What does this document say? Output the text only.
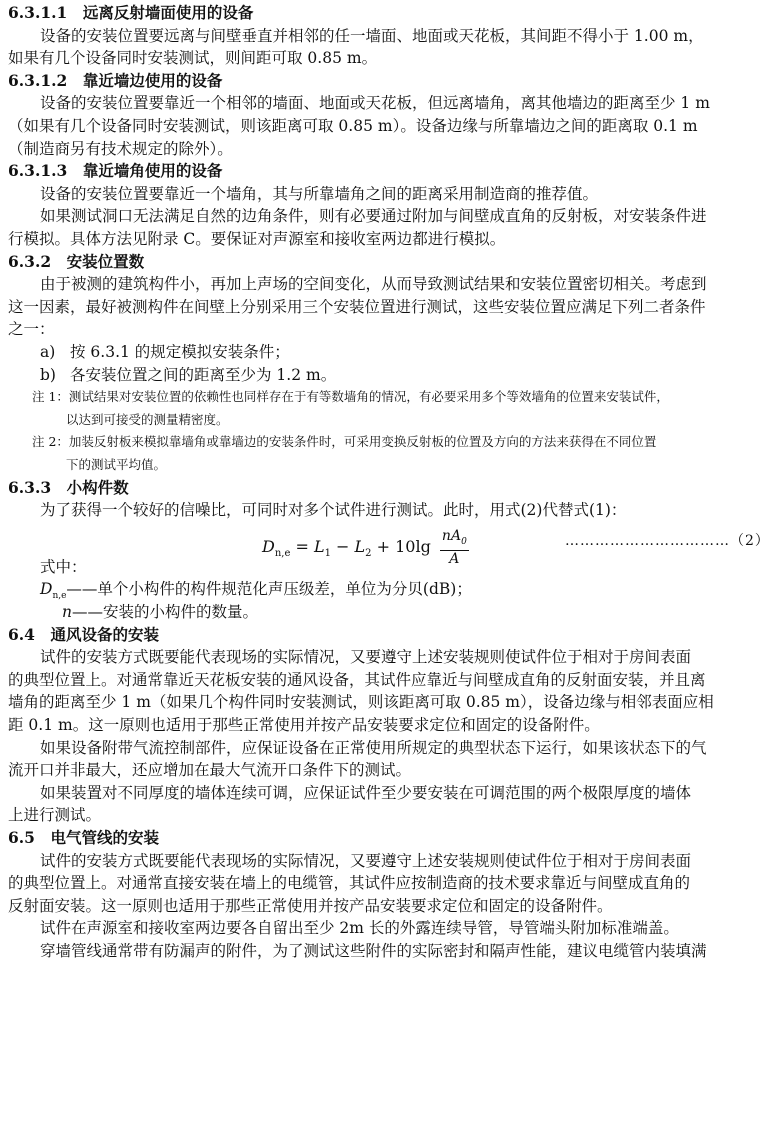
6.3.1.1　远离反射墙面使用的设备
设备的安装位置要远离与间壁垂直并相邻的任一墙面、地面或天花板，其间距不得小于 1.00 m，
如果有几个设备同时安装测试，则间距可取 0.85 m。
6.3.1.2　靠近墙边使用的设备
设备的安装位置要靠近一个相邻的墙面、地面或天花板，但远离墙角，离其他墙边的距离至少 1 m
（如果有几个设备同时安装测试，则该距离可取 0.85 m）。设备边缘与所靠墙边之间的距离取 0.1 m
（制造商另有技术规定的除外）。
6.3.1.3　靠近墙角使用的设备
设备的安装位置要靠近一个墙角，其与所靠墙角之间的距离采用制造商的推荐值。
如果测试洞口无法满足自然的边角条件，则有必要通过附加与间壁成直角的反射板，对安装条件进
行模拟。具体方法见附录 C。要保证对声源室和接收室两边都进行模拟。
6.3.2　安装位置数
由于被测的建筑构件小，再加上声场的空间变化，从而导致测试结果和安装位置密切相关。考虑到
这一因素，最好被测构件在间壁上分别采用三个安装位置进行测试，这些安装位置应满足下列二者条件
之一：
a) 按 6.3.1 的规定模拟安装条件；
b) 各安装位置之间的距离至少为 1.2 m。
注 1：测试结果对安装位置的依赖性也同样存在于有等数墙角的情况，有必要采用多个等效墙角的位置来安装试件，
以达到可接受的测量精密度。
注 2：加装反射板来模拟靠墙角或靠墙边的安装条件时，可采用变换反射板的位置及方向的方法来获得在不同位置
下的测试平均值。
6.3.3　小构件数
为了获得一个较好的信噪比，可同时对多个试件进行测试。此时，用式(2)代替式(1)：
式中：
$D_{n,e}——$单个小构件的构件规范化声压级差，单位为分贝(dB)；
n——安装的小构件的数量。
6.4　通风设备的安装
试件的安装方式既要能代表现场的实际情况，又要遵守上述安装规则使试件位于相对于房间表面
的典型位置上。对通常靠近天花板安装的通风设备，其试件应靠近与间壁成直角的反射面安装，并且离
墙角的距离至少 1 m（如果几个构件同时安装测试，则该距离可取 0.85 m），设备边缘与相邻表面应相
距 0.1 m。这一原则也适用于那些正常使用并按产品安装要求定位和固定的设备附件。
如果设备附带气流控制部件，应保证设备在正常使用所规定的典型状态下运行，如果该状态下的气
流开口并非最大，还应增加在最大气流开口条件下的测试。
如果装置对不同厚度的墙体连续可调，应保证试件至少要安装在可调范围的两个极限厚度的墙体
上进行测试。
6.5　电气管线的安装
试件的安装方式既要能代表现场的实际情况，又要遵守上述安装规则使试件位于相对于房间表面
的典型位置上。对通常直接安装在墙上的电缆管，其试件应按制造商的技术要求靠近与间壁成直角的
反射面安装。这一原则也适用于那些正常使用并按产品安装要求定位和固定的设备附件。
试件在声源室和接收室两边要各自留出至少 2m 长的外露连续导管，导管端头附加标准端盖。
穿墙管线通常带有防漏声的附件，为了测试这些附件的实际密封和隔声性能，建议电缆管内装填满
$D_{n,e} = L_1 - L_2 + 10\lg \frac{nA_0}{A}$	……………………………（2）
